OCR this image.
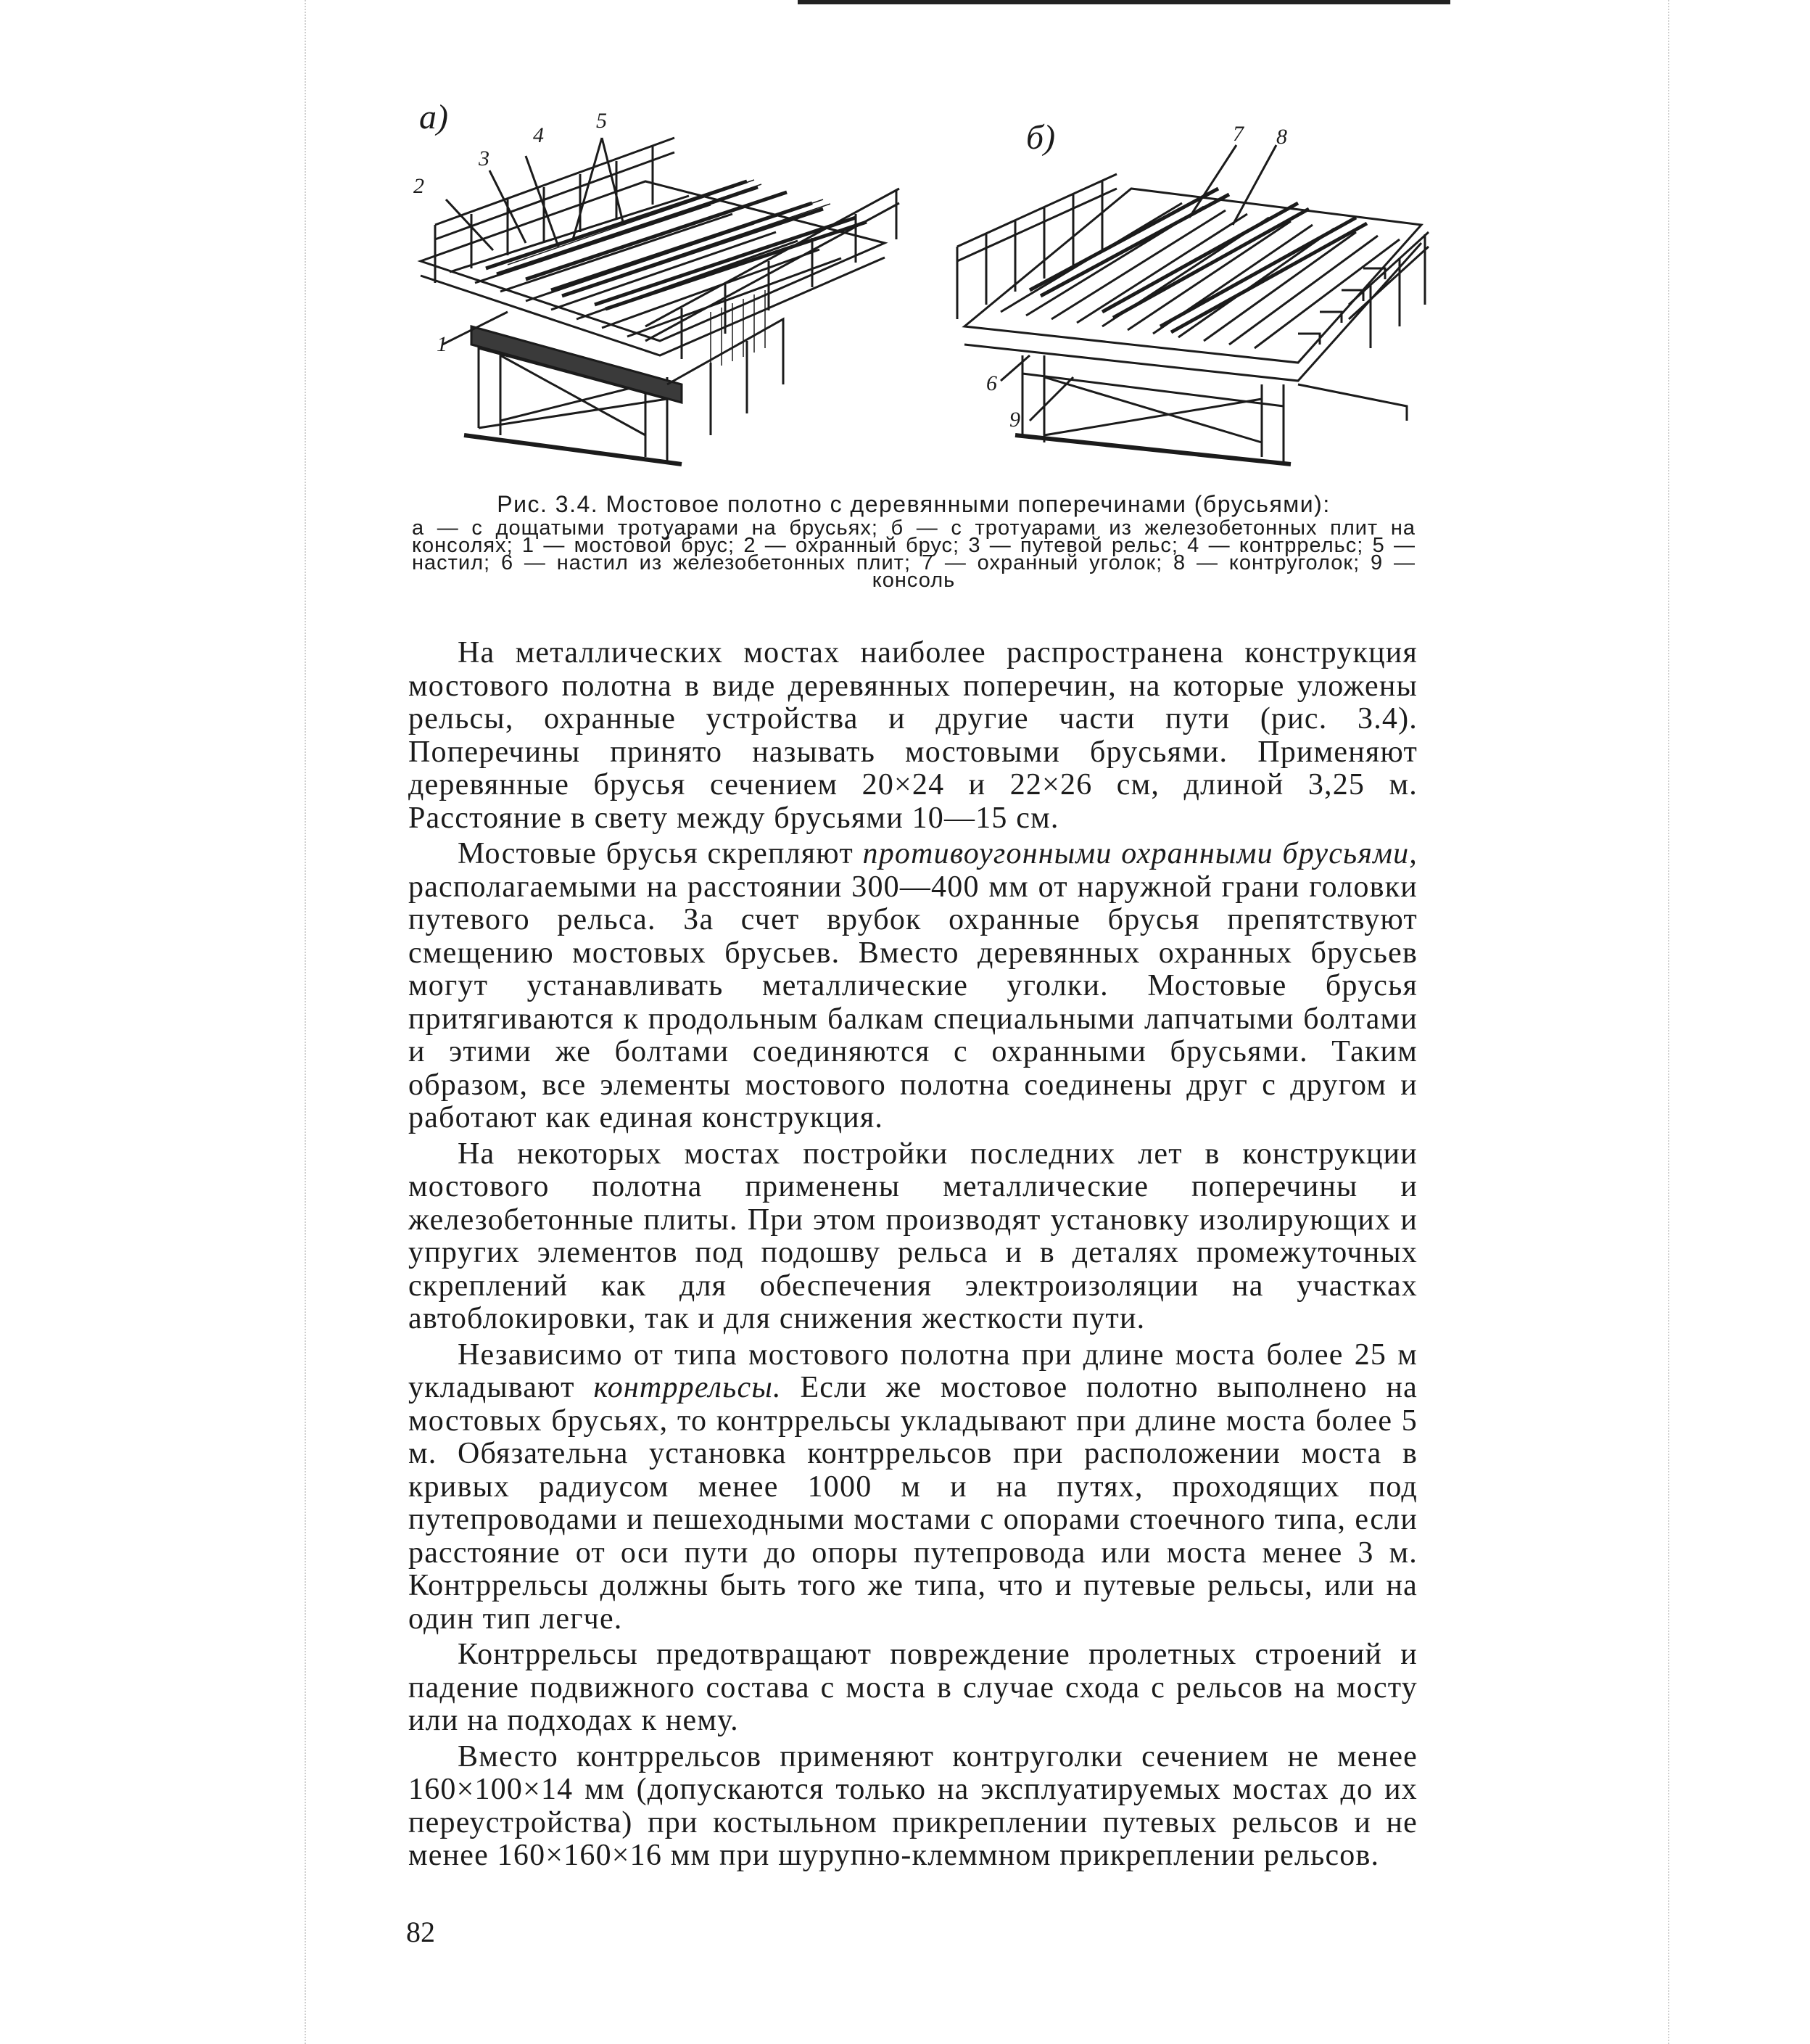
а)
б)
1
2
3
4
5
6
7 8
9
Рис. 3.4. Мостовое полотно с деревянными поперечинами (брусьями):
а — с дощатыми тротуарами на брусьях; б — с тротуарами из железобетонных плит на консолях; 1 — мостовой брус; 2 — охранный брус; 3 — путевой рельс; 4 — контррельс; 5 — настил; 6 — настил из железобетонных плит; 7 — охранный уголок; 8 — контруголок; 9 — консоль

На металлических мостах наиболее распространена конструкция мостового полотна в виде деревянных поперечин, на которые уложены рельсы, охранные устройства и другие части пути (рис. 3.4). Поперечины принято называть мостовыми брусьями. Применяют деревянные брусья сечением 20×24 и 22×26 см, длиной 3,25 м. Расстояние в свету между брусьями 10—15 см.

Мостовые брусья скрепляют противоугонными охранными брусьями, располагаемыми на расстоянии 300—400 мм от наружной грани головки путевого рельса. За счет врубок охранные брусья препятствуют смещению мостовых брусьев. Вместо деревянных охранных брусьев могут устанавливать металлические уголки. Мостовые брусья притягиваются к продольным балкам специальными лапчатыми болтами и этими же болтами соединяются с охранными брусьями. Таким образом, все элементы мостового полотна соединены друг с другом и работают как единая конструкция.

На некоторых мостах постройки последних лет в конструкции мостового полотна применены металлические поперечины и железобетонные плиты. При этом производят установку изолирующих и упругих элементов под подошву рельса и в деталях промежуточных скреплений как для обеспечения электроизоляции на участках автоблокировки, так и для снижения жесткости пути.

Независимо от типа мостового полотна при длине моста более 25 м укладывают контррельсы. Если же мостовое полотно выполнено на мостовых брусьях, то контррельсы укладывают при длине моста более 5 м. Обязательна установка контррельсов при расположении моста в кривых радиусом менее 1000 м и на путях, проходящих под путепроводами и пешеходными мостами с опорами стоечного типа, если расстояние от оси пути до опоры путепровода или моста менее 3 м. Контррельсы должны быть того же типа, что и путевые рельсы, или на один тип легче.

Контррельсы предотвращают повреждение пролетных строений и падение подвижного состава с моста в случае схода с рельсов на мосту или на подходах к нему.

Вместо контррельсов применяют контруголки сечением не менее 160×100×14 мм (допускаются только на эксплуатируемых мостах до их переустройства) при костыльном прикреплении путевых рельсов и не менее 160×160×16 мм при шурупно-клеммном прикреплении рельсов.

82
